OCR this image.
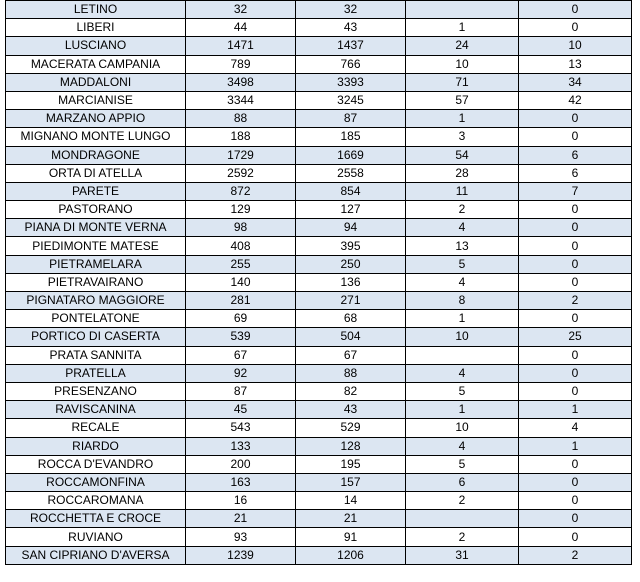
LETINO	32	32		0
LIBERI	44	43	1	0
LUSCIANO	1471	1437	24	10
MACERATA CAMPANIA	789	766	10	13
MADDALONI	3498	3393	71	34
MARCIANISE	3344	3245	57	42
MARZANO APPIO	88	87	1	0
MIGNANO MONTE LUNGO	188	185	3	0
MONDRAGONE	1729	1669	54	6
ORTA DI ATELLA	2592	2558	28	6
PARETE	872	854	11	7
PASTORANO	129	127	2	0
PIANA DI MONTE VERNA	98	94	4	0
PIEDIMONTE MATESE	408	395	13	0
PIETRAMELARA	255	250	5	0
PIETRAVAIRANO	140	136	4	0
PIGNATARO MAGGIORE	281	271	8	2
PONTELATONE	69	68	1	0
PORTICO DI CASERTA	539	504	10	25
PRATA SANNITA	67	67		0
PRATELLA	92	88	4	0
PRESENZANO	87	82	5	0
RAVISCANINA	45	43	1	1
RECALE	543	529	10	4
RIARDO	133	128	4	1
ROCCA D'EVANDRO	200	195	5	0
ROCCAMONFINA	163	157	6	0
ROCCAROMANA	16	14	2	0
ROCCHETTA E CROCE	21	21		0
RUVIANO	93	91	2	0
SAN CIPRIANO D'AVERSA	1239	1206	31	2
